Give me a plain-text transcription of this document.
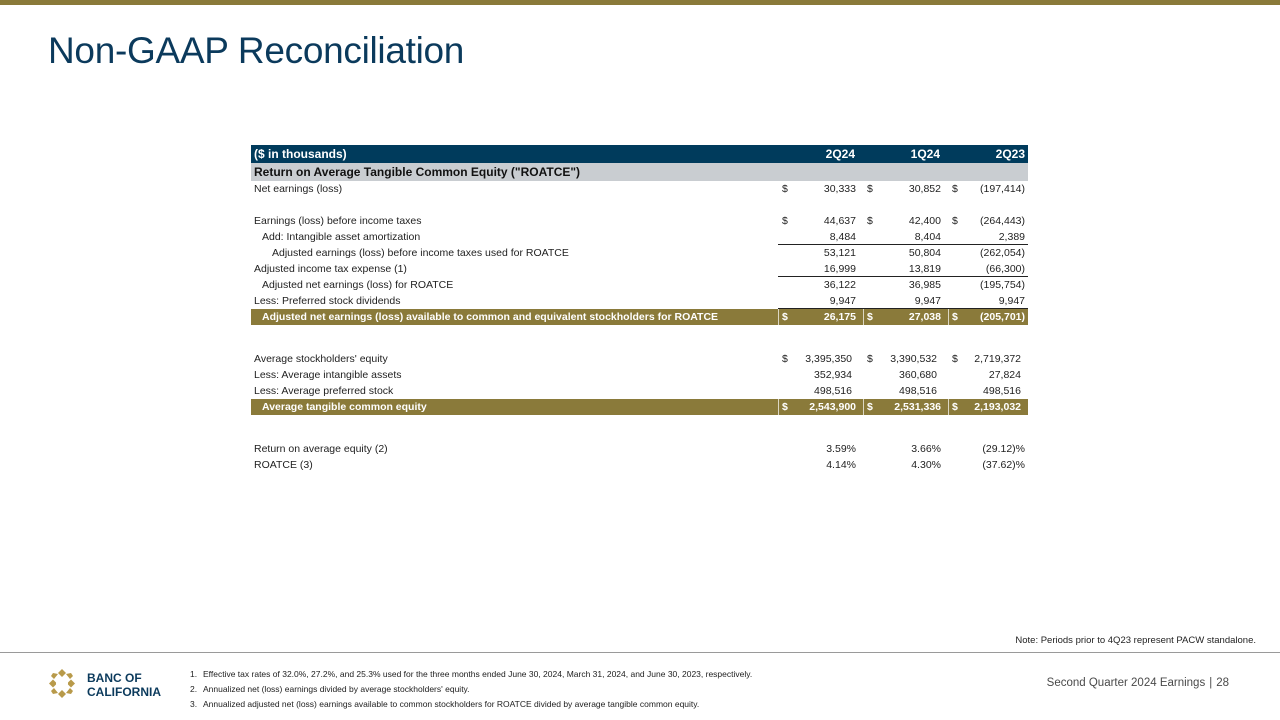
Non-GAAP Reconciliation
($ in thousands)	2Q24	1Q24	2Q23
Return on Average Tangible Common Equity ("ROATCE")
Net earnings (loss)	$	30,333 $	30,852 $	(197,414)
Earnings (loss) before income taxes	$	44,637 $	42,400 $	(264,443)
Add: Intangible asset amortization	8,484	8,404	2,389
Adjusted earnings (loss) before income taxes used for ROATCE	53,121	50,804	(262,054)
Adjusted income tax expense (1)	16,999	13,819	(66,300)
Adjusted net earnings (loss) for ROATCE	36,122	36,985	(195,754)
Less: Preferred stock dividends	9,947	9,947	9,947
Adjusted net earnings (loss) available to common and equivalent stockholders for ROATCE	$	26,175 $	27,038 $	(205,701)
Average stockholders' equity	$	3,395,350 $	3,390,532 $	2,719,372
Less: Average intangible assets	352,934	360,680	27,824
Less: Average preferred stock	498,516	498,516	498,516
Average tangible common equity	$	2,543,900 $	2,531,336 $	2,193,032
Return on average equity (2)	3.59%	3.66%	(29.12)%
ROATCE (3)	4.14%	4.30%	(37.62)%
Note: Periods prior to 4Q23 represent PACW standalone.
BANC OF
CALIFORNIA
1. Effective tax rates of 32.0%, 27.2%, and 25.3% used for the three months ended June 30, 2024, March 31, 2024, and June 30, 2023, respectively.
2. Annualized net (loss) earnings divided by average stockholders' equity.
3. Annualized adjusted net (loss) earnings available to common stockholders for ROATCE divided by average tangible common equity.
Second Quarter 2024 Earnings | 28
